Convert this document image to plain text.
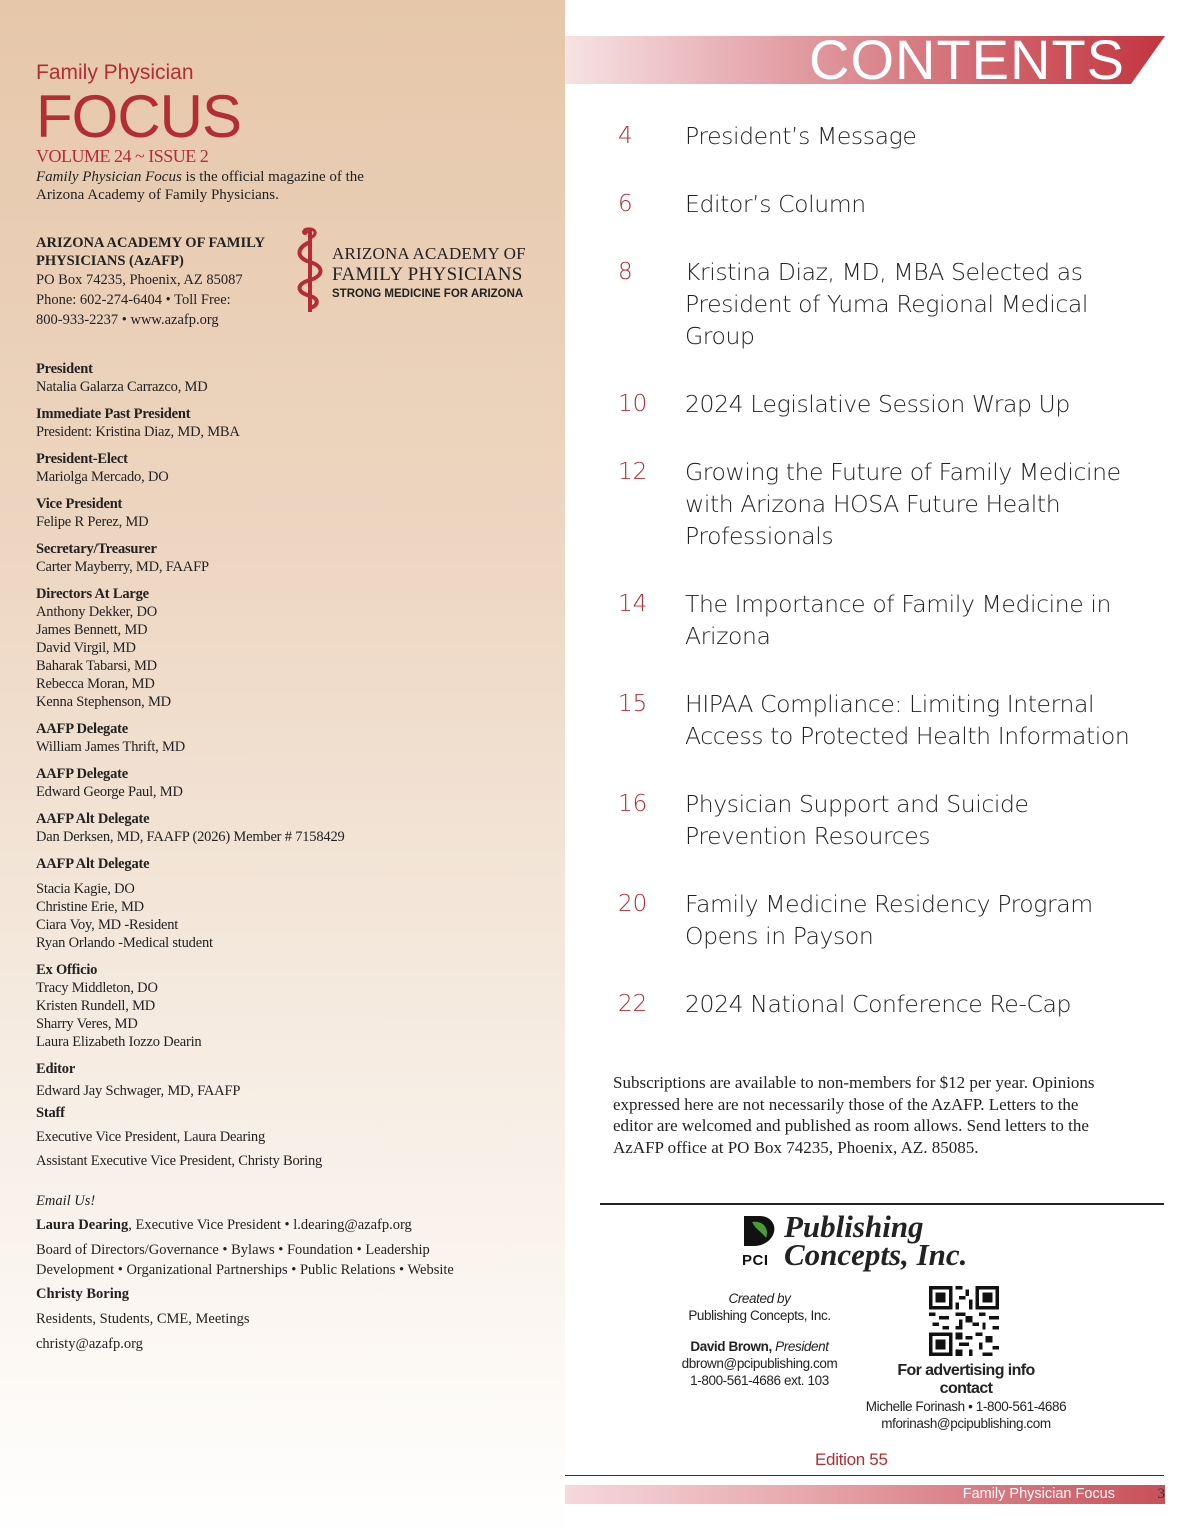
Family Physician
FOCUS
VOLUME 24 ~ ISSUE 2
Family Physician Focus is the official magazine of the Arizona Academy of Family Physicians.
ARIZONA ACADEMY OF FAMILY PHYSICIANS (AzAFP)
PO Box 74235, Phoenix, AZ 85087
Phone: 602-274-6404 • Toll Free:
800-933-2237 • www.azafp.org
ARIZONA ACADEMY OF
FAMILY PHYSICIANS
STRONG MEDICINE FOR ARIZONA
President
Natalia Galarza Carrazco, MD
Immediate Past President
President: Kristina Diaz, MD, MBA
President-Elect
Mariolga Mercado, DO
Vice President
Felipe R Perez, MD
Secretary/Treasurer
Carter Mayberry, MD, FAAFP
Directors At Large
Anthony Dekker, DO
James Bennett, MD
David Virgil, MD
Baharak Tabarsi, MD
Rebecca Moran, MD
Kenna Stephenson, MD
AAFP Delegate
William James Thrift, MD
AAFP Delegate
Edward George Paul, MD
AAFP Alt Delegate
Dan Derksen, MD, FAAFP (2026) Member # 7158429
AAFP Alt Delegate
Stacia Kagie, DO
Christine Erie, MD
Ciara Voy, MD -Resident
Ryan Orlando -Medical student
Ex Officio
Tracy Middleton, DO
Kristen Rundell, MD
Sharry Veres, MD
Laura Elizabeth Iozzo Dearin
Editor
Edward Jay Schwager, MD, FAAFP
Staff
Executive Vice President, Laura Dearing
Assistant Executive Vice President, Christy Boring
Email Us!
Laura Dearing, Executive Vice President • l.dearing@azafp.org
Board of Directors/Governance • Bylaws • Foundation • Leadership
Development • Organizational Partnerships • Public Relations • Website
Christy Boring
Residents, Students, CME, Meetings
christy@azafp.org
CONTENTS
4	President’s Message
6	Editor’s Column
8	Kristina Diaz, MD, MBA Selected as President of Yuma Regional Medical Group
10	2024 Legislative Session Wrap Up
12	Growing the Future of Family Medicine with Arizona HOSA Future Health Professionals
14	The Importance of Family Medicine in Arizona
15	HIPAA Compliance: Limiting Internal Access to Protected Health Information
16	Physician Support and Suicide Prevention Resources
20	Family Medicine Residency Program Opens in Payson
22	2024 National Conference Re-Cap
Subscriptions are available to non-members for $12 per year. Opinions expressed here are not necessarily those of the AzAFP. Letters to the editor are welcomed and published as room allows. Send letters to the AzAFP office at PO Box 74235, Phoenix, AZ. 85085.
PCI
Publishing
Concepts, Inc.
Created by
Publishing Concepts, Inc.
David Brown, President
dbrown@pcipublishing.com
1-800-561-4686 ext. 103
For advertising info
contact
Michelle Forinash • 1-800-561-4686
mforinash@pcipublishing.com
Edition 55
Family Physician Focus	3
